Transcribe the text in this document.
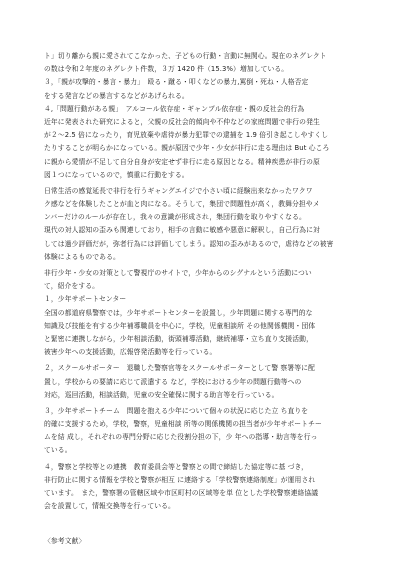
ト」切り離から親に愛されてこなかった、子どもの行動・言動に無関心。現在のネグレクト

の数は令和２年度のネグレクト件数，３万 1420 件（15.3%）増加している。

３，「親が攻撃的・暴言・暴力」　殴る・蹴る・叩くなどの暴力,罵倒・死ね・人格否定

をする発言などの暴言するなどがあげられる。

４,「問題行動がある親」　アルコール依存症・ギャンブル依存症・親の反社会的行為

近年に発表された研究によると，父親の反社会的傾向や不仲などの家庭問題で非行の発生

が２〜2.5 倍になったり，育児放棄や虐待が暴力犯罪での逮捕を 1.9 倍引き起こしやすくし

たりすることが明らかになっている。親が原因で少年・少女が非行に走る理由は But 心ころ

に親から愛情が不足して自分自身が安定せず非行に走る原因となる。精神疾患が非行の原

図１つになっているので，慎重に行動をする。

日常生活の感覚延長で非行を行うギャングエイジで小さい頃に経験出来なかったワクワ

ク感などを体験したことが血と肉になる。そうして，集団で問題性が高く，教舞分担やメ

ンバーだけのルールが存在し，我々の意識が形成され，集団行動を取りやすくなる。

現代の対人認知の歪みも関連しており，相手の言動に敏感や悪意に解釈し，自己行為に対

しては過少評価だが，弥者行為には評価してしまう。認知の歪みがあるので，虐待などの被害

体験によるものである。

非行少年・少女の対策として警視庁のサイトで，少年からのシグナルという活動につい

て，紹介をする。

１，少年サポートセンター

全国の都道府県警察では，少年サポートセンターを設置し，少年問題に関する専門的な

知識及び技能を有する少年補導職員を中心に，学校，児童相談所 その他関係機関・団体

と緊密に連携しながら，少年相談活動，街頭補導活動，継続補導・立ち直り支援活動，

被害少年への支援活動，広報啓発活動等を行っている。

２，スクールサポーター　退職した警察官等をスクールサポーターとして警 察署等に配

置し，学校からの要請に応じて派遣する など，学校における少年の問題行動等への

対応，巡回活動，相談活動，児童の安全確保に関する助言等を行っている。

３，少年サポートチーム　問題を抱える少年について個々の状況に応じた立 ち直りを

的確に支援するため，学校，警察，児童相談 所等の関係機関の担当者が少年サポートチー

ムを結 成し，それぞれの専門分野に応じた役割分担の下，少 年への指導・助言等を行っ

ている。

４，警察と学校等との連携　教育委員会等と警察との間で締結した協定等に基 づき，

非行防止に関する情報を学校と警察が相互 に連絡する「学校警察連絡制度」が運用され

ています。　また，警察署の管轄区域や市区町村の区域等を単 位とした学校警察連絡協議

会を設置して，情報交換等を行っている。

〈参考文献〉
